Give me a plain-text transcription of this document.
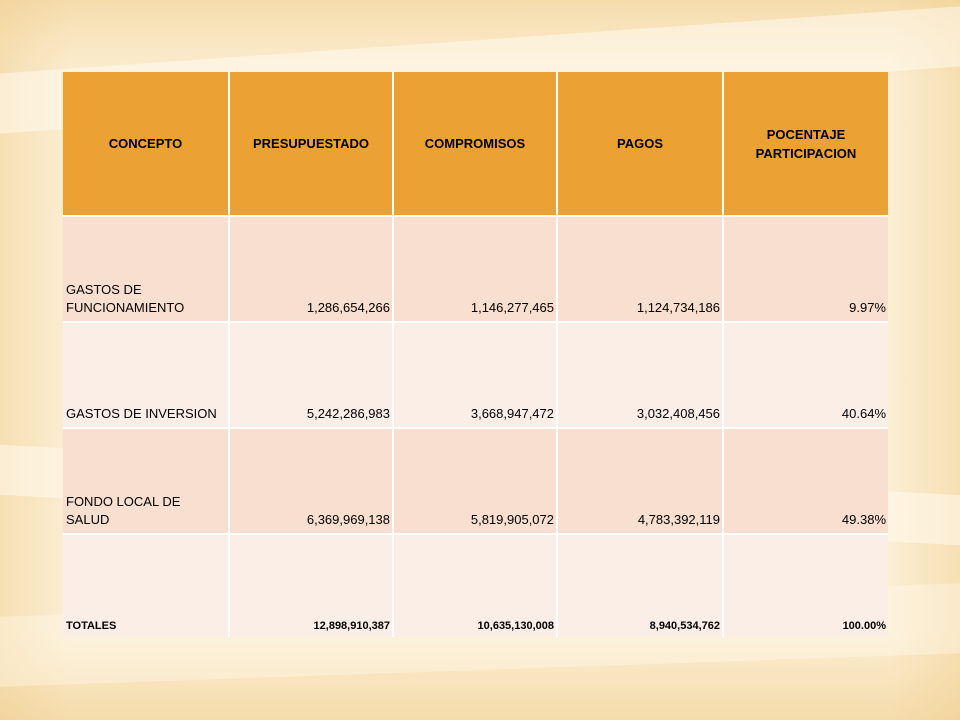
CONCEPTO	PRESUPUESTADO	COMPROMISOS	PAGOS	POCENTAJE PARTICIPACION
GASTOS DE FUNCIONAMIENTO	1,286,654,266	1,146,277,465	1,124,734,186	9.97%
GASTOS DE INVERSION	5,242,286,983	3,668,947,472	3,032,408,456	40.64%
FONDO LOCAL DE SALUD	6,369,969,138	5,819,905,072	4,783,392,119	49.38%
TOTALES	12,898,910,387	10,635,130,008	8,940,534,762	100.00%
